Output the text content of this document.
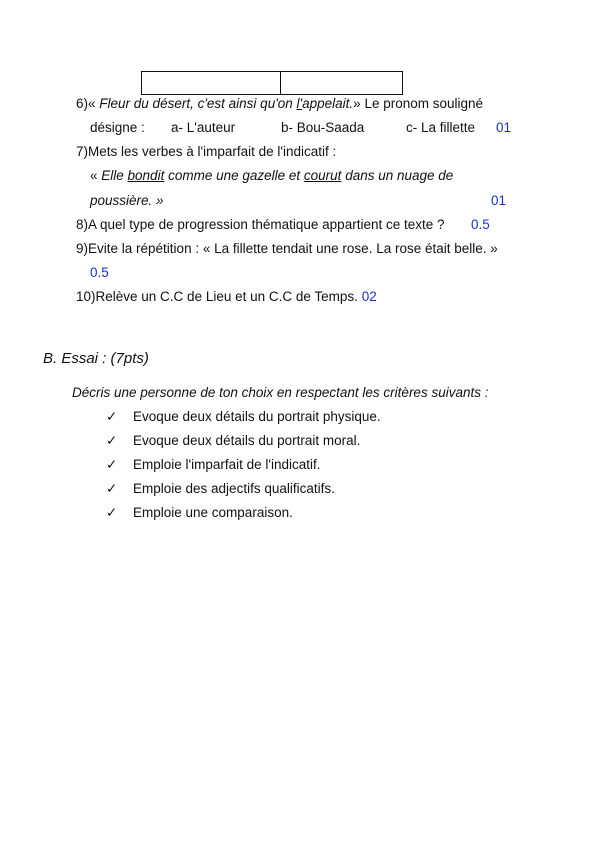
6)« Fleur du désert, c'est ainsi qu'on l'appelait.» Le pronom souligné
désigne : a- L'auteur	b- Bou-Saada	c- La fillette 01
7)Mets les verbes à l'imparfait de l'indicatif :
« Elle bondit comme une gazelle et courut dans un nuage de
poussière. »	01
8)A quel type de progression thématique appartient ce texte ? 0.5
9)Evite la répétition : « La fillette tendait une rose. La rose était belle. »
0.5
10)Relève un C.C de Lieu et un C.C de Temps. 02
B. Essai : (7pts)
Décris une personne de ton choix en respectant les critères suivants :
✓ Evoque deux détails du portrait physique.
✓ Evoque deux détails du portrait moral.
✓ Emploie l'imparfait de l'indicatif.
✓ Emploie des adjectifs qualificatifs.
✓ Emploie une comparaison.
